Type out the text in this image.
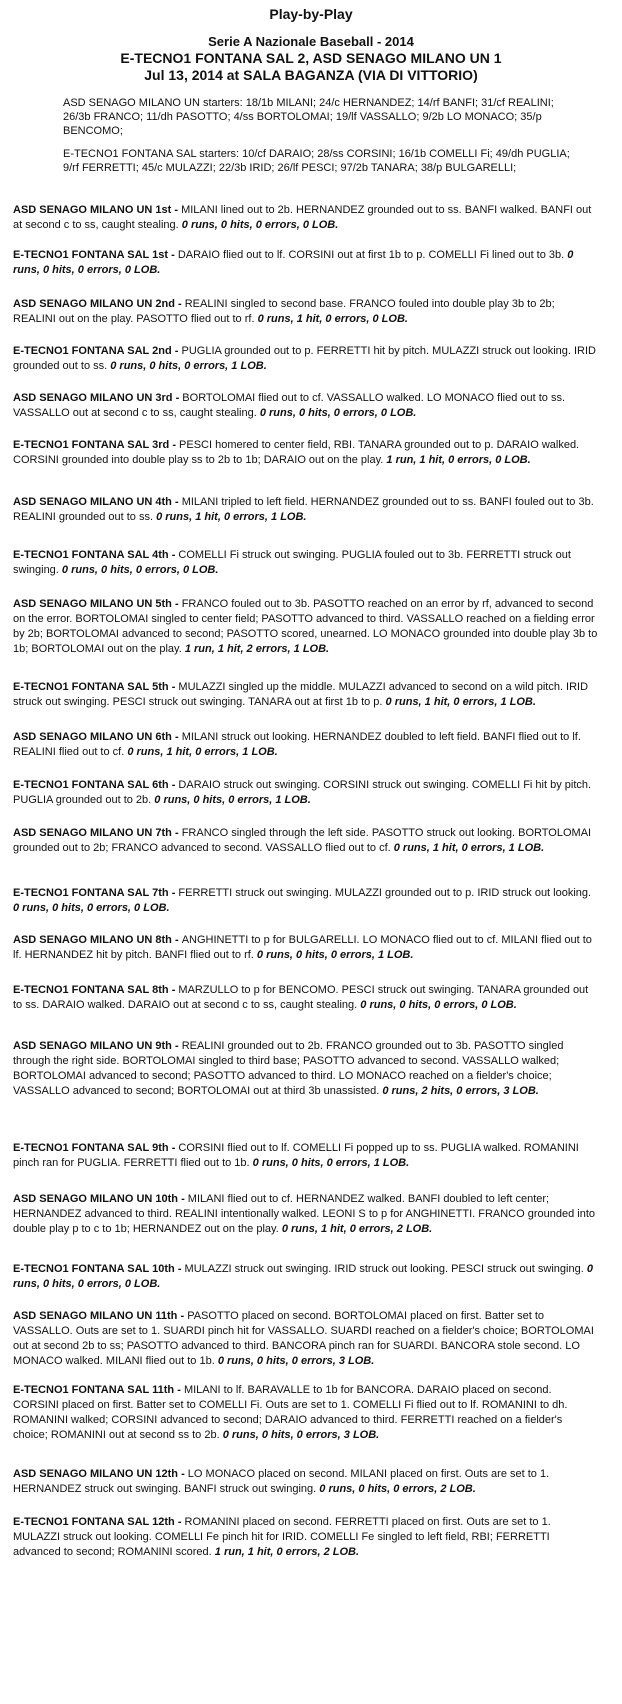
Play-by-Play
Serie A Nazionale Baseball - 2014
E-TECNO1 FONTANA SAL 2, ASD SENAGO MILANO UN 1
Jul 13, 2014 at SALA BAGANZA (VIA DI VITTORIO)

ASD SENAGO MILANO UN starters: 18/1b MILANI; 24/c HERNANDEZ; 14/rf BANFI; 31/cf REALINI; 26/3b FRANCO; 11/dh PASOTTO; 4/ss BORTOLOMAI; 19/lf VASSALLO; 9/2b LO MONACO; 35/p BENCOMO;

E-TECNO1 FONTANA SAL starters: 10/cf DARAIO; 28/ss CORSINI; 16/1b COMELLI Fi; 49/dh PUGLIA; 9/rf FERRETTI; 45/c MULAZZI; 22/3b IRID; 26/lf PESCI; 97/2b TANARA; 38/p BULGARELLI;

ASD SENAGO MILANO UN 1st - MILANI lined out to 2b. HERNANDEZ grounded out to ss. BANFI walked. BANFI out at second c to ss, caught stealing. 0 runs, 0 hits, 0 errors, 0 LOB.
E-TECNO1 FONTANA SAL 1st - DARAIO flied out to lf. CORSINI out at first 1b to p. COMELLI Fi lined out to 3b. 0 runs, 0 hits, 0 errors, 0 LOB.
ASD SENAGO MILANO UN 2nd - REALINI singled to second base. FRANCO fouled into double play 3b to 2b; REALINI out on the play. PASOTTO flied out to rf. 0 runs, 1 hit, 0 errors, 0 LOB.
E-TECNO1 FONTANA SAL 2nd - PUGLIA grounded out to p. FERRETTI hit by pitch. MULAZZI struck out looking. IRID grounded out to ss. 0 runs, 0 hits, 0 errors, 1 LOB.
ASD SENAGO MILANO UN 3rd - BORTOLOMAI flied out to cf. VASSALLO walked. LO MONACO flied out to ss. VASSALLO out at second c to ss, caught stealing. 0 runs, 0 hits, 0 errors, 0 LOB.
E-TECNO1 FONTANA SAL 3rd - PESCI homered to center field, RBI. TANARA grounded out to p. DARAIO walked. CORSINI grounded into double play ss to 2b to 1b; DARAIO out on the play. 1 run, 1 hit, 0 errors, 0 LOB.
ASD SENAGO MILANO UN 4th - MILANI tripled to left field. HERNANDEZ grounded out to ss. BANFI fouled out to 3b. REALINI grounded out to ss. 0 runs, 1 hit, 0 errors, 1 LOB.
E-TECNO1 FONTANA SAL 4th - COMELLI Fi struck out swinging. PUGLIA fouled out to 3b. FERRETTI struck out swinging. 0 runs, 0 hits, 0 errors, 0 LOB.
ASD SENAGO MILANO UN 5th - FRANCO fouled out to 3b. PASOTTO reached on an error by rf, advanced to second on the error. BORTOLOMAI singled to center field; PASOTTO advanced to third. VASSALLO reached on a fielding error by 2b; BORTOLOMAI advanced to second; PASOTTO scored, unearned. LO MONACO grounded into double play 3b to 1b; BORTOLOMAI out on the play. 1 run, 1 hit, 2 errors, 1 LOB.
E-TECNO1 FONTANA SAL 5th - MULAZZI singled up the middle. MULAZZI advanced to second on a wild pitch. IRID struck out swinging. PESCI struck out swinging. TANARA out at first 1b to p. 0 runs, 1 hit, 0 errors, 1 LOB.
ASD SENAGO MILANO UN 6th - MILANI struck out looking. HERNANDEZ doubled to left field. BANFI flied out to lf. REALINI flied out to cf. 0 runs, 1 hit, 0 errors, 1 LOB.
E-TECNO1 FONTANA SAL 6th - DARAIO struck out swinging. CORSINI struck out swinging. COMELLI Fi hit by pitch. PUGLIA grounded out to 2b. 0 runs, 0 hits, 0 errors, 1 LOB.
ASD SENAGO MILANO UN 7th - FRANCO singled through the left side. PASOTTO struck out looking. BORTOLOMAI grounded out to 2b; FRANCO advanced to second. VASSALLO flied out to cf. 0 runs, 1 hit, 0 errors, 1 LOB.
E-TECNO1 FONTANA SAL 7th - FERRETTI struck out swinging. MULAZZI grounded out to p. IRID struck out looking. 0 runs, 0 hits, 0 errors, 0 LOB.
ASD SENAGO MILANO UN 8th - ANGHINETTI to p for BULGARELLI. LO MONACO flied out to cf. MILANI flied out to lf. HERNANDEZ hit by pitch. BANFI flied out to rf. 0 runs, 0 hits, 0 errors, 1 LOB.
E-TECNO1 FONTANA SAL 8th - MARZULLO to p for BENCOMO. PESCI struck out swinging. TANARA grounded out to ss. DARAIO walked. DARAIO out at second c to ss, caught stealing. 0 runs, 0 hits, 0 errors, 0 LOB.
ASD SENAGO MILANO UN 9th - REALINI grounded out to 2b. FRANCO grounded out to 3b. PASOTTO singled through the right side. BORTOLOMAI singled to third base; PASOTTO advanced to second. VASSALLO walked; BORTOLOMAI advanced to second; PASOTTO advanced to third. LO MONACO reached on a fielder's choice; VASSALLO advanced to second; BORTOLOMAI out at third 3b unassisted. 0 runs, 2 hits, 0 errors, 3 LOB.
E-TECNO1 FONTANA SAL 9th - CORSINI flied out to lf. COMELLI Fi popped up to ss. PUGLIA walked. ROMANINI pinch ran for PUGLIA. FERRETTI flied out to 1b. 0 runs, 0 hits, 0 errors, 1 LOB.
ASD SENAGO MILANO UN 10th - MILANI flied out to cf. HERNANDEZ walked. BANFI doubled to left center; HERNANDEZ advanced to third. REALINI intentionally walked. LEONI S to p for ANGHINETTI. FRANCO grounded into double play p to c to 1b; HERNANDEZ out on the play. 0 runs, 1 hit, 0 errors, 2 LOB.
E-TECNO1 FONTANA SAL 10th - MULAZZI struck out swinging. IRID struck out looking. PESCI struck out swinging. 0 runs, 0 hits, 0 errors, 0 LOB.
ASD SENAGO MILANO UN 11th - PASOTTO placed on second. BORTOLOMAI placed on first. Batter set to VASSALLO. Outs are set to 1. SUARDI pinch hit for VASSALLO. SUARDI reached on a fielder's choice; BORTOLOMAI out at second 2b to ss; PASOTTO advanced to third. BANCORA pinch ran for SUARDI. BANCORA stole second. LO MONACO walked. MILANI flied out to 1b. 0 runs, 0 hits, 0 errors, 3 LOB.
E-TECNO1 FONTANA SAL 11th - MILANI to lf. BARAVALLE to 1b for BANCORA. DARAIO placed on second. CORSINI placed on first. Batter set to COMELLI Fi. Outs are set to 1. COMELLI Fi flied out to lf. ROMANINI to dh. ROMANINI walked; CORSINI advanced to second; DARAIO advanced to third. FERRETTI reached on a fielder's choice; ROMANINI out at second ss to 2b. 0 runs, 0 hits, 0 errors, 3 LOB.
ASD SENAGO MILANO UN 12th - LO MONACO placed on second. MILANI placed on first. Outs are set to 1. HERNANDEZ struck out swinging. BANFI struck out swinging. 0 runs, 0 hits, 0 errors, 2 LOB.
E-TECNO1 FONTANA SAL 12th - ROMANINI placed on second. FERRETTI placed on first. Outs are set to 1. MULAZZI struck out looking. COMELLI Fe pinch hit for IRID. COMELLI Fe singled to left field, RBI; FERRETTI advanced to second; ROMANINI scored. 1 run, 1 hit, 0 errors, 2 LOB.
